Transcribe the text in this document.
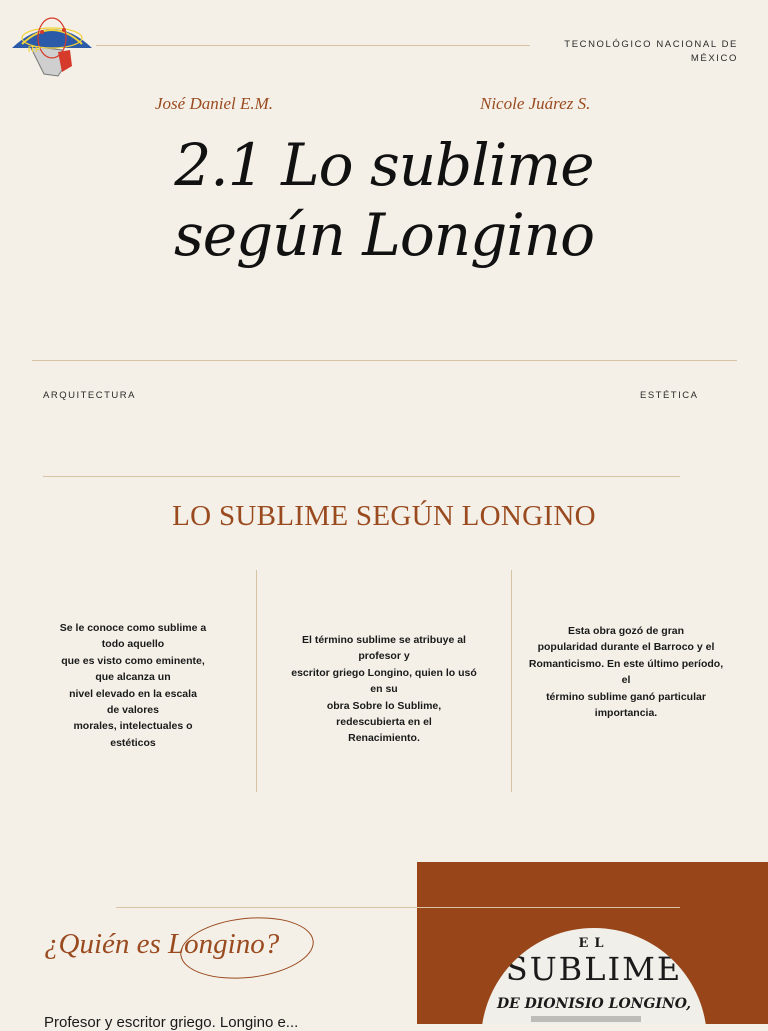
ITP	TECNOLÓGICO NACIONAL DE
MÉXICO
José Daniel E.M.	Nicole Juárez S.
2.1 Lo sublime
según Longino
ARQUITECTURA	ESTÉTICA
LO SUBLIME SEGÚN LONGINO
Se le conoce como sublime a
todo aquello
que es visto como eminente,
que alcanza un
nivel elevado en la escala
de valores
morales, intelectuales o
estéticos
El término sublime se atribuye al
profesor y
escritor griego Longino, quien lo usó
en su
obra Sobre lo Sublime,
redescubierta en el
Renacimiento.
Esta obra gozó de gran
popularidad durante el Barroco y el
Romanticismo. En este último período,
el
término sublime ganó particular
importancia.
EL
SUBLIME
DE DIONISIO LONGINO,
¿Quién es Longino?
Profesor y escritor griego. Longino e...
